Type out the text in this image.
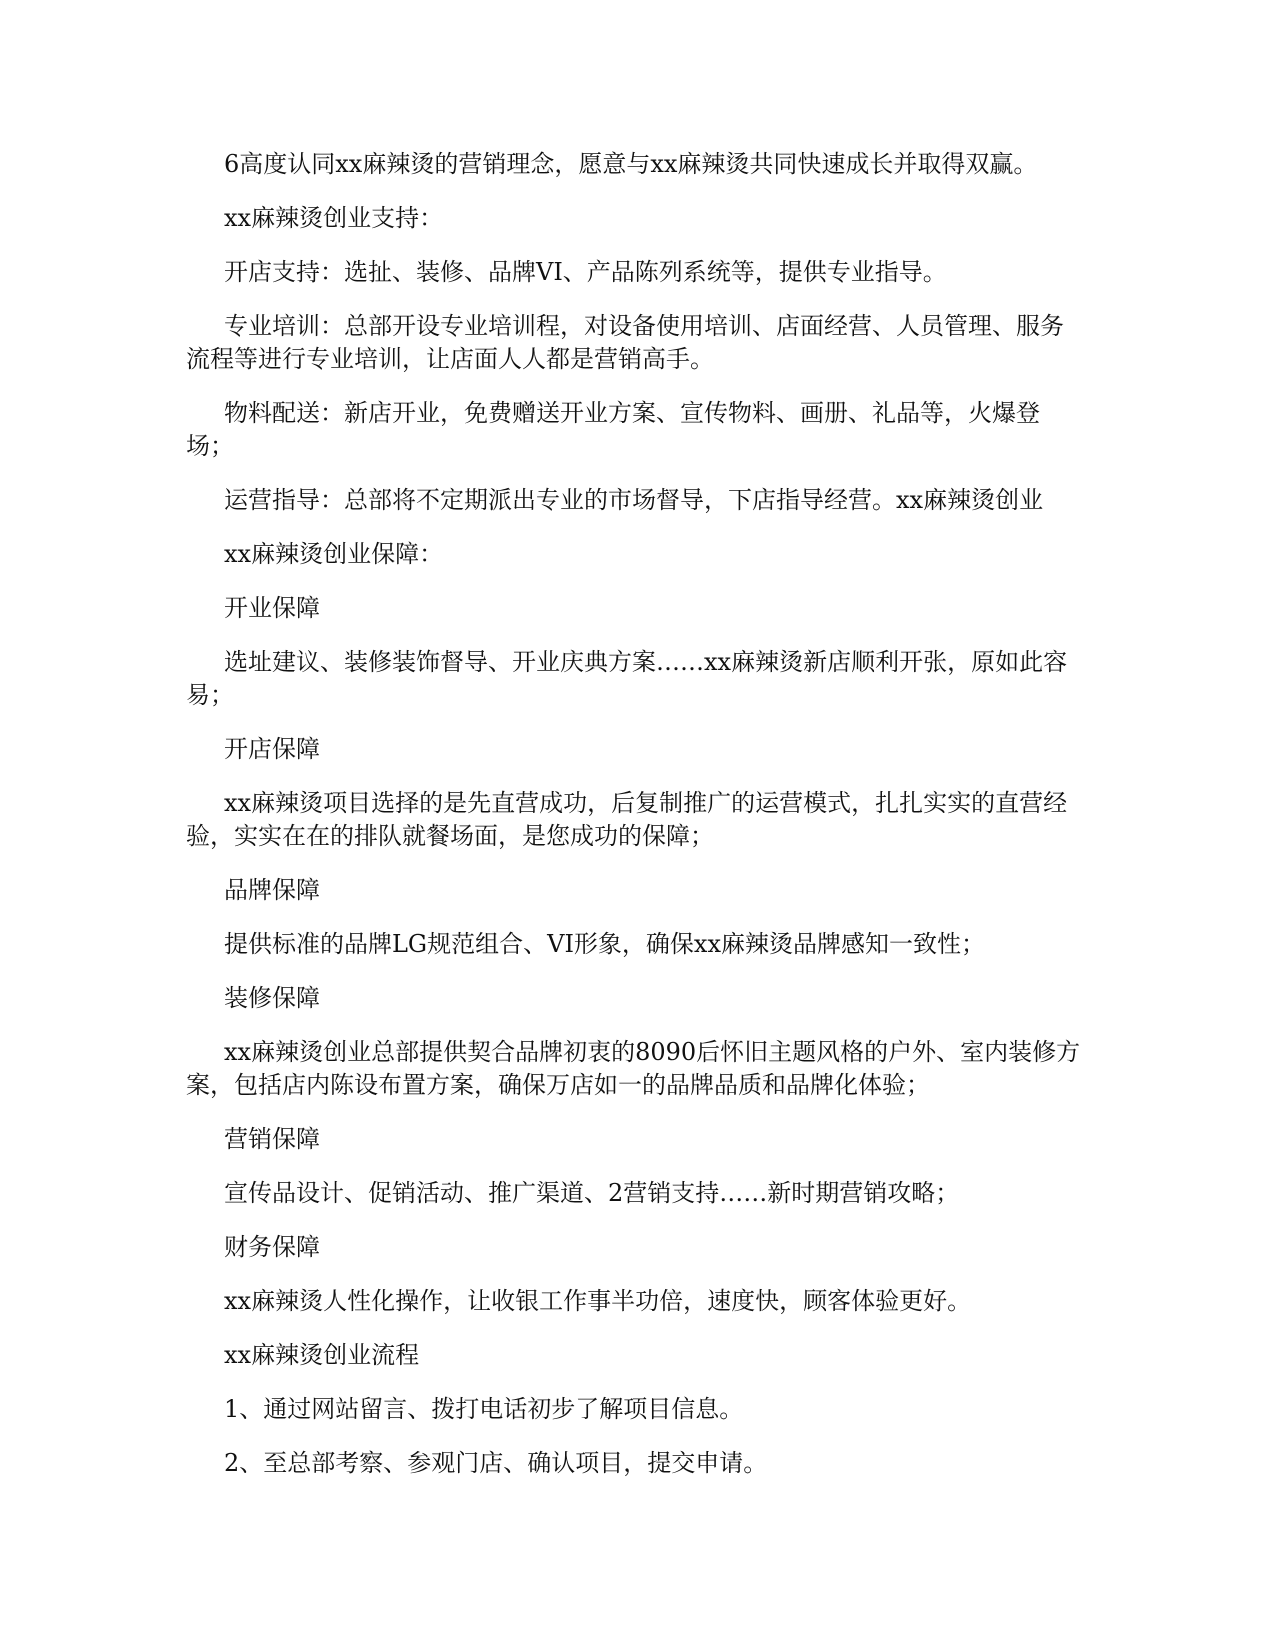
6高度认同xx麻辣烫的营销理念，愿意与xx麻辣烫共同快速成长并取得双赢。

xx麻辣烫创业支持：

开店支持：选扯、装修、品牌VI、产品陈列系统等，提供专业指导。

专业培训：总部开设专业培训程，对设备使用培训、店面经营、人员管理、服务流程等进行专业培训，让店面人人都是营销高手。

物料配送：新店开业，免费赠送开业方案、宣传物料、画册、礼品等，火爆登场；

运营指导：总部将不定期派出专业的市场督导，下店指导经营。xx麻辣烫创业

xx麻辣烫创业保障：

开业保障

选址建议、装修装饰督导、开业庆典方案……xx麻辣烫新店顺利开张，原如此容易；

开店保障

xx麻辣烫项目选择的是先直营成功，后复制推广的运营模式，扎扎实实的直营经验，实实在在的排队就餐场面，是您成功的保障；

品牌保障

提供标准的品牌LG规范组合、VI形象，确保xx麻辣烫品牌感知一致性；

装修保障

xx麻辣烫创业总部提供契合品牌初衷的8090后怀旧主题风格的户外、室内装修方案，包括店内陈设布置方案，确保万店如一的品牌品质和品牌化体验；

营销保障

宣传品设计、促销活动、推广渠道、2营销支持……新时期营销攻略；

财务保障

xx麻辣烫人性化操作，让收银工作事半功倍，速度快，顾客体验更好。

xx麻辣烫创业流程

1、通过网站留言、拨打电话初步了解项目信息。

2、至总部考察、参观门店、确认项目，提交申请。
